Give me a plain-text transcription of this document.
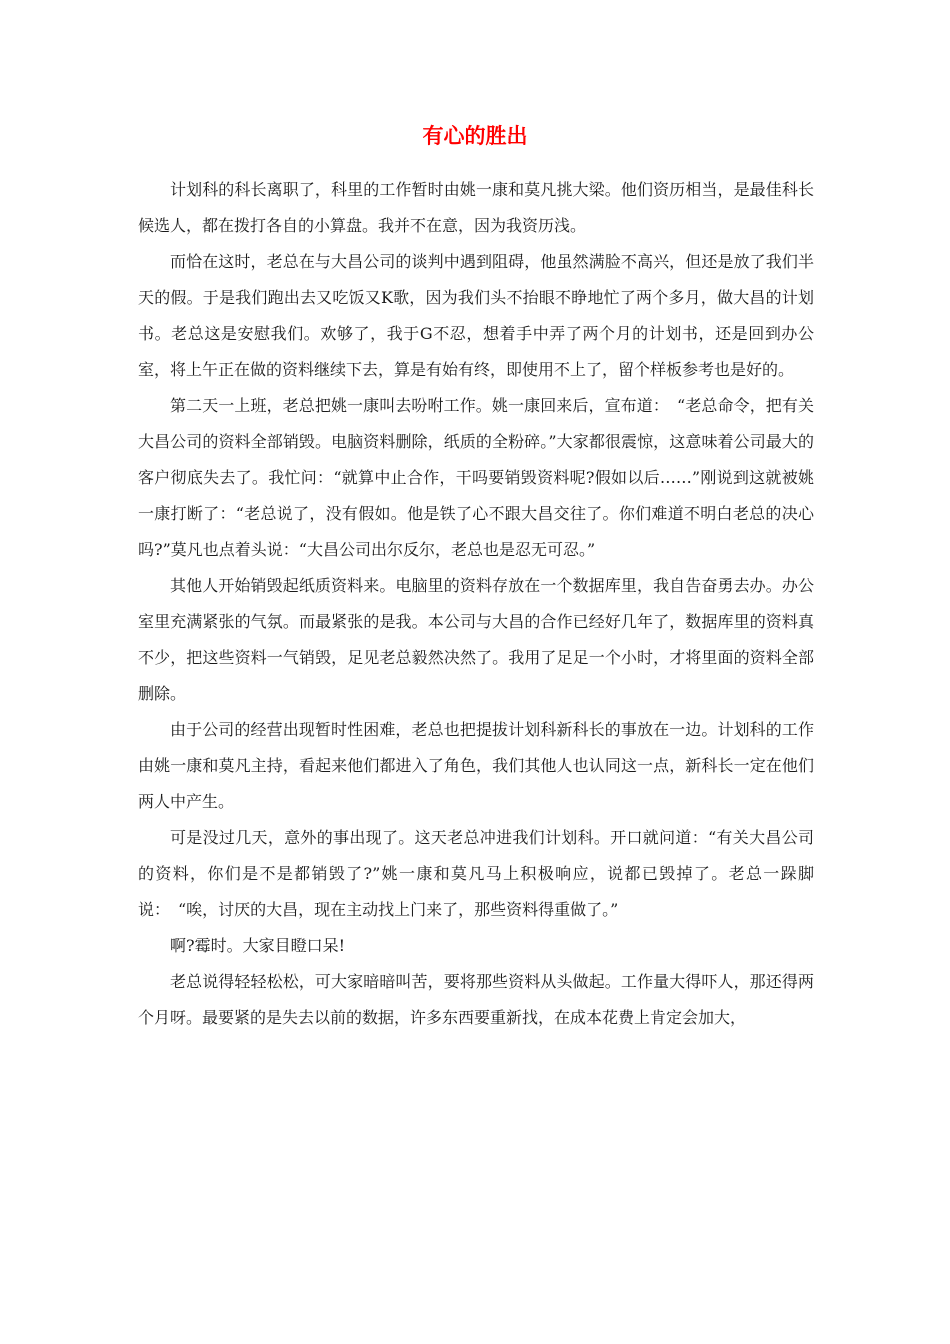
有心的胜出

计划科的科长离职了，科里的工作暂时由姚一康和莫凡挑大梁。他们资历相当，是最佳科长候选人，都在拨打各自的小算盘。我并不在意，因为我资历浅。

而恰在这时，老总在与大昌公司的谈判中遇到阻碍，他虽然满脸不高兴，但还是放了我们半天的假。于是我们跑出去又吃饭又K歌，因为我们头不抬眼不睁地忙了两个多月，做大昌的计划书。老总这是安慰我们。欢够了，我于G不忍，想着手中弄了两个月的计划书，还是回到办公室，将上午正在做的资料继续下去，算是有始有终，即使用不上了，留个样板参考也是好的。

第二天一上班，老总把姚一康叫去吩咐工作。姚一康回来后，宣布道：　“老总命令，把有关大昌公司的资料全部销毁。电脑资料删除，纸质的全粉碎。”大家都很震惊，这意味着公司最大的客户彻底失去了。我忙问：“就算中止合作，干吗要销毁资料呢?假如以后……”刚说到这就被姚一康打断了：“老总说了，没有假如。他是铁了心不跟大昌交往了。你们难道不明白老总的决心吗?”莫凡也点着头说：“大昌公司出尔反尔，老总也是忍无可忍。”

其他人开始销毁起纸质资料来。电脑里的资料存放在一个数据库里，我自告奋勇去办。办公室里充满紧张的气氛。而最紧张的是我。本公司与大昌的合作已经好几年了，数据库里的资料真不少，把这些资料一气销毁，足见老总毅然决然了。我用了足足一个小时，才将里面的资料全部删除。

由于公司的经营出现暂时性困难，老总也把提拔计划科新科长的事放在一边。计划科的工作由姚一康和莫凡主持，看起来他们都进入了角色，我们其他人也认同这一点，新科长一定在他们两人中产生。

可是没过几天，意外的事出现了。这天老总冲进我们计划科。开口就问道：“有关大昌公司的资料，你们是不是都销毁了?”姚一康和莫凡马上积极响应，说都已毁掉了。老总一跺脚说：　“唉，讨厌的大昌，现在主动找上门来了，那些资料得重做了。”

啊?霉时。大家目瞪口呆!

老总说得轻轻松松，可大家暗暗叫苦，要将那些资料从头做起。工作量大得吓人，那还得两个月呀。最要紧的是失去以前的数据，许多东西要重新找，在成本花费上肯定会加大，
